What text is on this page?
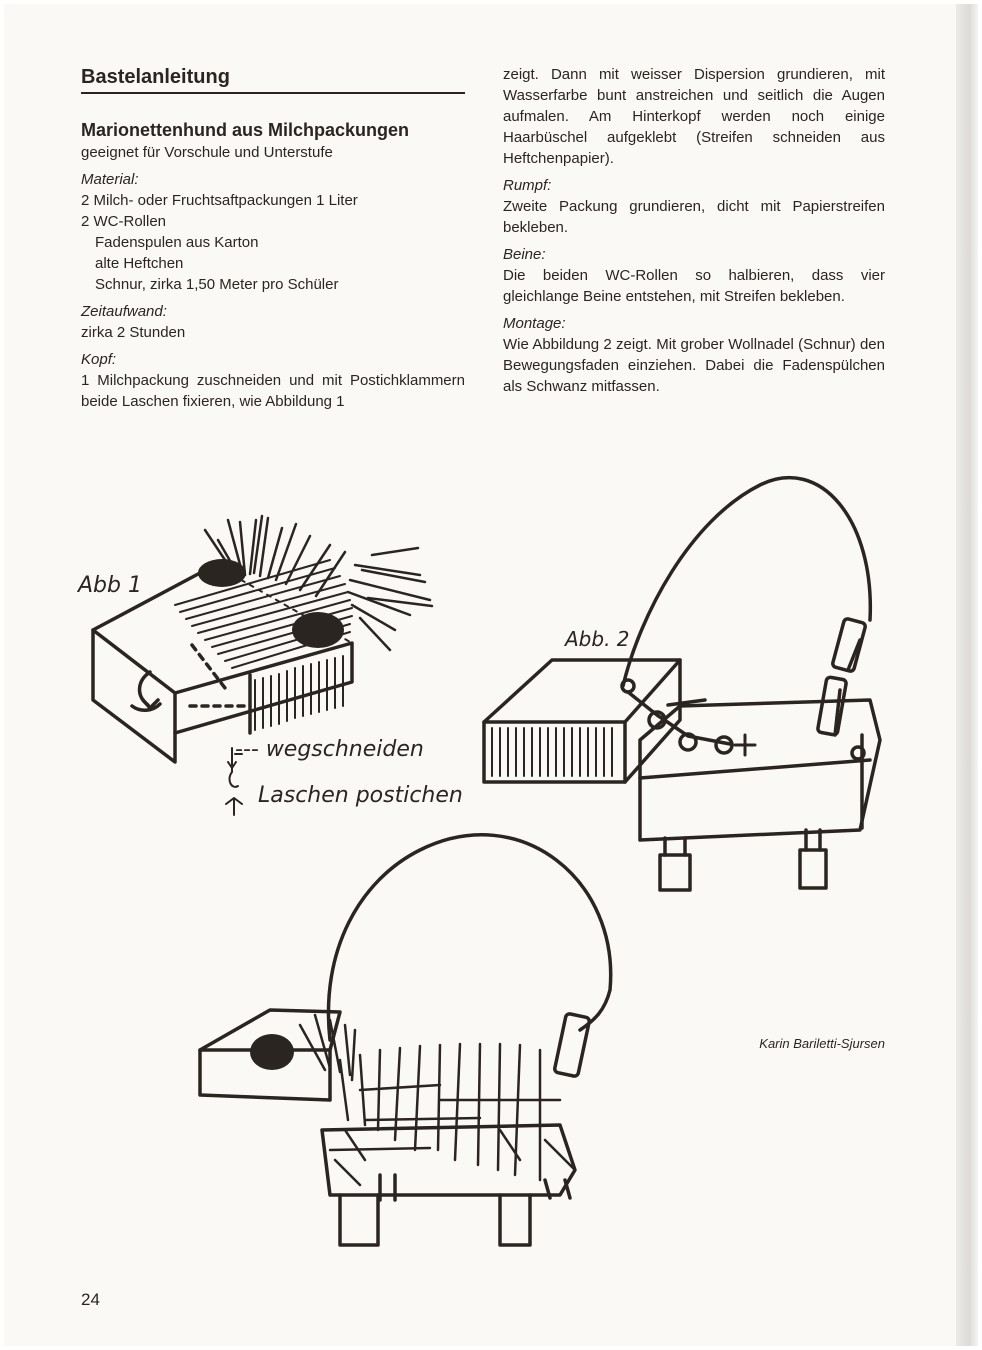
Bastelanleitung
Marionettenhund aus Milchpackungen
geeignet für Vorschule und Unterstufe
Material:
2 Milch- oder Fruchtsaftpackungen 1 Liter
2 WC-Rollen
Fadenspulen aus Karton
alte Heftchen
Schnur, zirka 1,50 Meter pro Schüler
Zeitaufwand:
zirka 2 Stunden
Kopf:
1 Milchpackung zuschneiden und mit Postichklammern beide Laschen fixieren, wie Abbildung 1
zeigt. Dann mit weisser Dispersion grundieren, mit Wasserfarbe bunt anstreichen und seitlich die Augen aufmalen. Am Hinterkopf werden noch einige Haarbüschel aufgeklebt (Streifen schneiden aus Heftchenpapier).
Rumpf:
Zweite Packung grundieren, dicht mit Papierstreifen bekleben.
Beine:
Die beiden WC-Rollen so halbieren, dass vier gleichlange Beine entstehen, mit Streifen bekleben.
Montage:
Wie Abbildung 2 zeigt. Mit grober Wollnadel (Schnur) den Bewegungsfaden einziehen. Dabei die Fadenspülchen als Schwanz mitfassen.
Abb 1
--- wegschneiden
Laschen postichen
Abb. 2
Karin Bariletti-Sjursen
24
